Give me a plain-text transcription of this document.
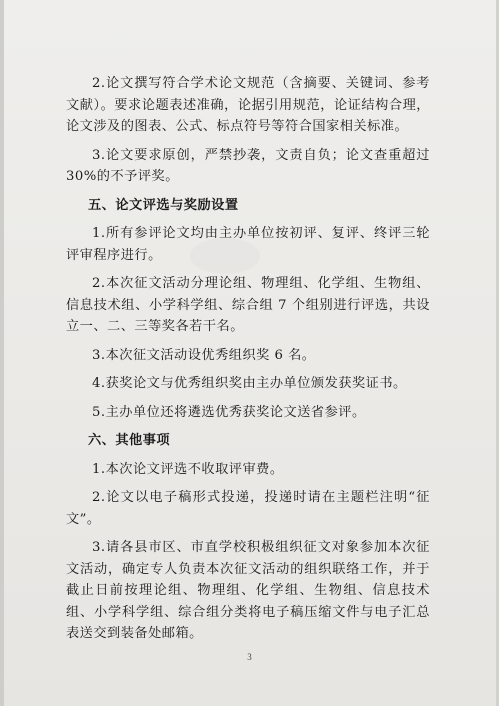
2.论文撰写符合学术论文规范（含摘要、关键词、参考文献）。要求论题表述准确，论据引用规范，论证结构合理，论文涉及的图表、公式、标点符号等符合国家相关标准。

3.论文要求原创，严禁抄袭，文责自负；论文查重超过30%的不予评奖。

五、论文评选与奖励设置

1.所有参评论文均由主办单位按初评、复评、终评三轮评审程序进行。

2.本次征文活动分理论组、物理组、化学组、生物组、信息技术组、小学科学组、综合组 7 个组别进行评选，共设立一、二、三等奖各若干名。

3.本次征文活动设优秀组织奖 6 名。

4.获奖论文与优秀组织奖由主办单位颁发获奖证书。

5.主办单位还将遴选优秀获奖论文送省参评。

六、其他事项

1.本次论文评选不收取评审费。

2.论文以电子稿形式投递，投递时请在主题栏注明“征文”。

3.请各县市区、市直学校积极组织征文对象参加本次征文活动，确定专人负责本次征文活动的组织联络工作，并于截止日前按理论组、物理组、化学组、生物组、信息技术组、小学科学组、综合组分类将电子稿压缩文件与电子汇总表送交到装备处邮箱。

3
